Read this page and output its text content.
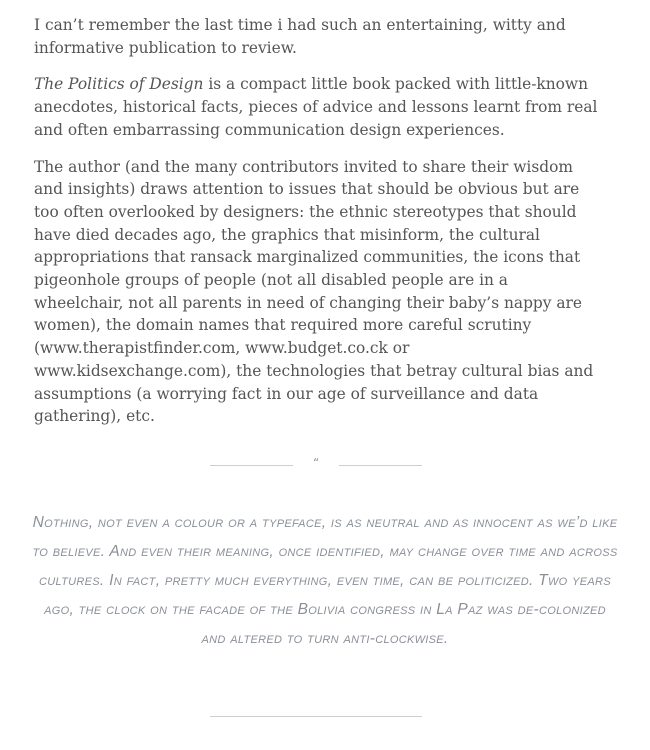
I can’t remember the last time i had such an entertaining, witty and informative publication to review.

The Politics of Design is a compact little book packed with little-known anecdotes, historical facts, pieces of advice and lessons learnt from real and often embarrassing communication design experiences.

The author (and the many contributors invited to share their wisdom and insights) draws attention to issues that should be obvious but are too often overlooked by designers: the ethnic stereotypes that should have died decades ago, the graphics that misinform, the cultural appropriations that ransack marginalized communities, the icons that pigeonhole groups of people (not all disabled people are in a wheelchair, not all parents in need of changing their baby’s nappy are women), the domain names that required more careful scrutiny (www.therapistfinder.com, www.budget.co.ck or www.kidsexchange.com), the technologies that betray cultural bias and assumptions (a worrying fact in our age of surveillance and data gathering), etc.

“
Nothing, not even a colour or a typeface, is as neutral and as innocent as we’d like to believe. And even their meaning, once identified, may change over time and across cultures. In fact, pretty much everything, even time, can be politicized. Two years ago, the clock on the facade of the Bolivia congress in La Paz was de-colonized and altered to turn anti-clockwise.
